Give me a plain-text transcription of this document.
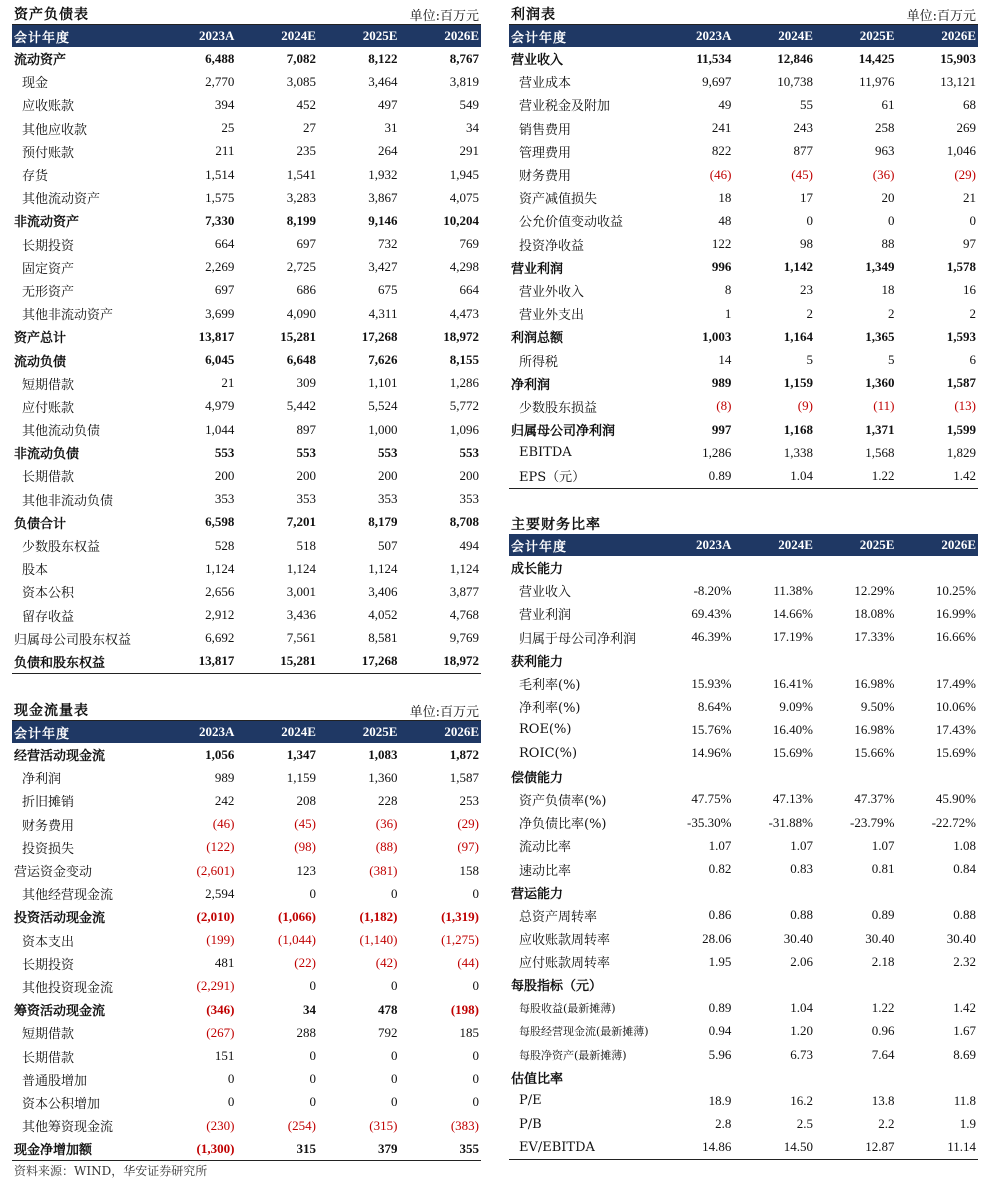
资产负债表	单位:百万元
会计年度	2023A	2024E	2025E	2026E
流动资产	6,488	7,082	8,122	8,767
现金	2,770	3,085	3,464	3,819
应收账款	394	452	497	549
其他应收款	25	27	31	34
预付账款	211	235	264	291
存货	1,514	1,541	1,932	1,945
其他流动资产	1,575	3,283	3,867	4,075
非流动资产	7,330	8,199	9,146	10,204
长期投资	664	697	732	769
固定资产	2,269	2,725	3,427	4,298
无形资产	697	686	675	664
其他非流动资产	3,699	4,090	4,311	4,473
资产总计	13,817	15,281	17,268	18,972
流动负债	6,045	6,648	7,626	8,155
短期借款	21	309	1,101	1,286
应付账款	4,979	5,442	5,524	5,772
其他流动负债	1,044	897	1,000	1,096
非流动负债	553	553	553	553
长期借款	200	200	200	200
其他非流动负债	353	353	353	353
负债合计	6,598	7,201	8,179	8,708
少数股东权益	528	518	507	494
股本	1,124	1,124	1,124	1,124
资本公积	2,656	3,001	3,406	3,877
留存收益	2,912	3,436	4,052	4,768
归属母公司股东权益	6,692	7,561	8,581	9,769
负债和股东权益	13,817	15,281	17,268	18,972
现金流量表	单位:百万元
会计年度	2023A	2024E	2025E	2026E
经营活动现金流	1,056	1,347	1,083	1,872
净利润	989	1,159	1,360	1,587
折旧摊销	242	208	228	253
财务费用	(46)	(45)	(36)	(29)
投资损失	(122)	(98)	(88)	(97)
营运资金变动	(2,601)	123	(381)	158
其他经营现金流	2,594	0	0	0
投资活动现金流	(2,010)	(1,066)	(1,182)	(1,319)
资本支出	(199)	(1,044)	(1,140)	(1,275)
长期投资	481	(22)	(42)	(44)
其他投资现金流	(2,291)	0	0	0
筹资活动现金流	(346)	34	478	(198)
短期借款	(267)	288	792	185
长期借款	151	0	0	0
普通股增加	0	0	0	0
资本公积增加	0	0	0	0
其他筹资现金流	(230)	(254)	(315)	(383)
现金净增加额	(1,300)	315	379	355
利润表	单位:百万元
会计年度	2023A	2024E	2025E	2026E
营业收入	11,534	12,846	14,425	15,903
营业成本	9,697	10,738	11,976	13,121
营业税金及附加	49	55	61	68
销售费用	241	243	258	269
管理费用	822	877	963	1,046
财务费用	(46)	(45)	(36)	(29)
资产减值损失	18	17	20	21
公允价值变动收益	48	0	0	0
投资净收益	122	98	88	97
营业利润	996	1,142	1,349	1,578
营业外收入	8	23	18	16
营业外支出	1	2	2	2
利润总额	1,003	1,164	1,365	1,593
所得税	14	5	5	6
净利润	989	1,159	1,360	1,587
少数股东损益	(8)	(9)	(11)	(13)
归属母公司净利润	997	1,168	1,371	1,599
EBITDA	1,286	1,338	1,568	1,829
EPS（元）	0.89	1.04	1.22	1.42
主要财务比率
会计年度	2023A	2024E	2025E	2026E
成长能力				
营业收入	-8.20%	11.38%	12.29%	10.25%
营业利润	69.43%	14.66%	18.08%	16.99%
归属于母公司净利润	46.39%	17.19%	17.33%	16.66%
获利能力				
毛利率(%)	15.93%	16.41%	16.98%	17.49%
净利率(%)	8.64%	9.09%	9.50%	10.06%
ROE(%)	15.76%	16.40%	16.98%	17.43%
ROIC(%)	14.96%	15.69%	15.66%	15.69%
偿债能力				
资产负债率(%)	47.75%	47.13%	47.37%	45.90%
净负债比率(%)	-35.30%	-31.88%	-23.79%	-22.72%
流动比率	1.07	1.07	1.07	1.08
速动比率	0.82	0.83	0.81	0.84
营运能力				
总资产周转率	0.86	0.88	0.89	0.88
应收账款周转率	28.06	30.40	30.40	30.40
应付账款周转率	1.95	2.06	2.18	2.32
每股指标（元）				
每股收益(最新摊薄)	0.89	1.04	1.22	1.42
每股经营现金流(最新摊薄)	0.94	1.20	0.96	1.67
每股净资产(最新摊薄)	5.96	6.73	7.64	8.69
估值比率				
P/E	18.9	16.2	13.8	11.8
P/B	2.8	2.5	2.2	1.9
EV/EBITDA	14.86	14.50	12.87	11.14
资料来源：WIND，华安证券研究所
